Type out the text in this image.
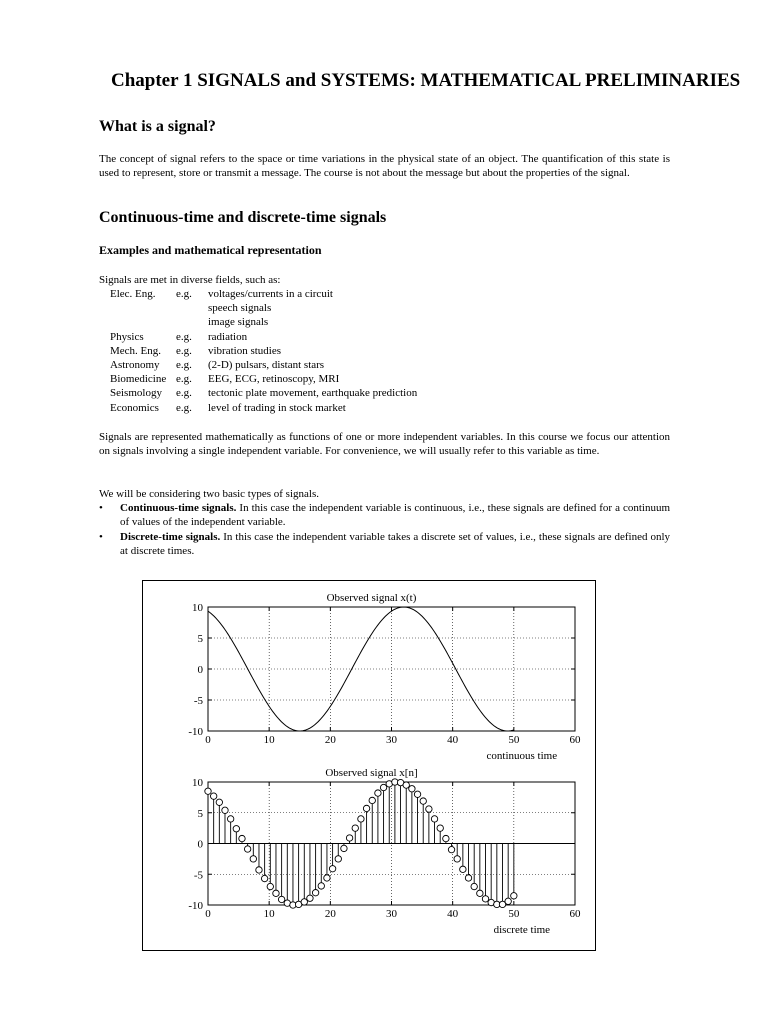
Chapter 1 SIGNALS and SYSTEMS: MATHEMATICAL PRELIMINARIES
What is a signal?
The concept of signal refers to the space or time variations in the physical state of an object. The quantification of this state is used to represent, store or transmit a message. The course is not about the message but about the properties of the signal.
Continuous-time and discrete-time signals
Examples and mathematical representation
Signals are met in diverse fields, such as:
Elec. Eng.	e.g.	voltages/currents in a circuit
		speech signals
		image signals
Physics	e.g.	radiation
Mech. Eng.	e.g.	vibration studies
Astronomy	e.g.	(2-D) pulsars, distant stars
Biomedicine	e.g.	EEG, ECG, retinoscopy, MRI
Seismology	e.g.	tectonic plate movement, earthquake prediction
Economics	e.g.	level of trading in stock market
Signals are represented mathematically as functions of one or more independent variables. In this course we focus our attention on signals involving a single independent variable. For convenience, we will usually refer to this variable as time.
We will be considering two basic types of signals.
• Continuous-time signals. In this case the independent variable is continuous, i.e., these signals are defined for a continuum of values of the independent variable.
• Discrete-time signals. In this case the independent variable takes a discrete set of values, i.e., these signals are defined only at discrete times.
0	10	20	30	40	50	60
10
5
0
-5
-10
Observed signal x(t)
continuous time
0	10	20	30	40	50	60
10
5
0
-5
-10
Observed signal x[n]
discrete time
